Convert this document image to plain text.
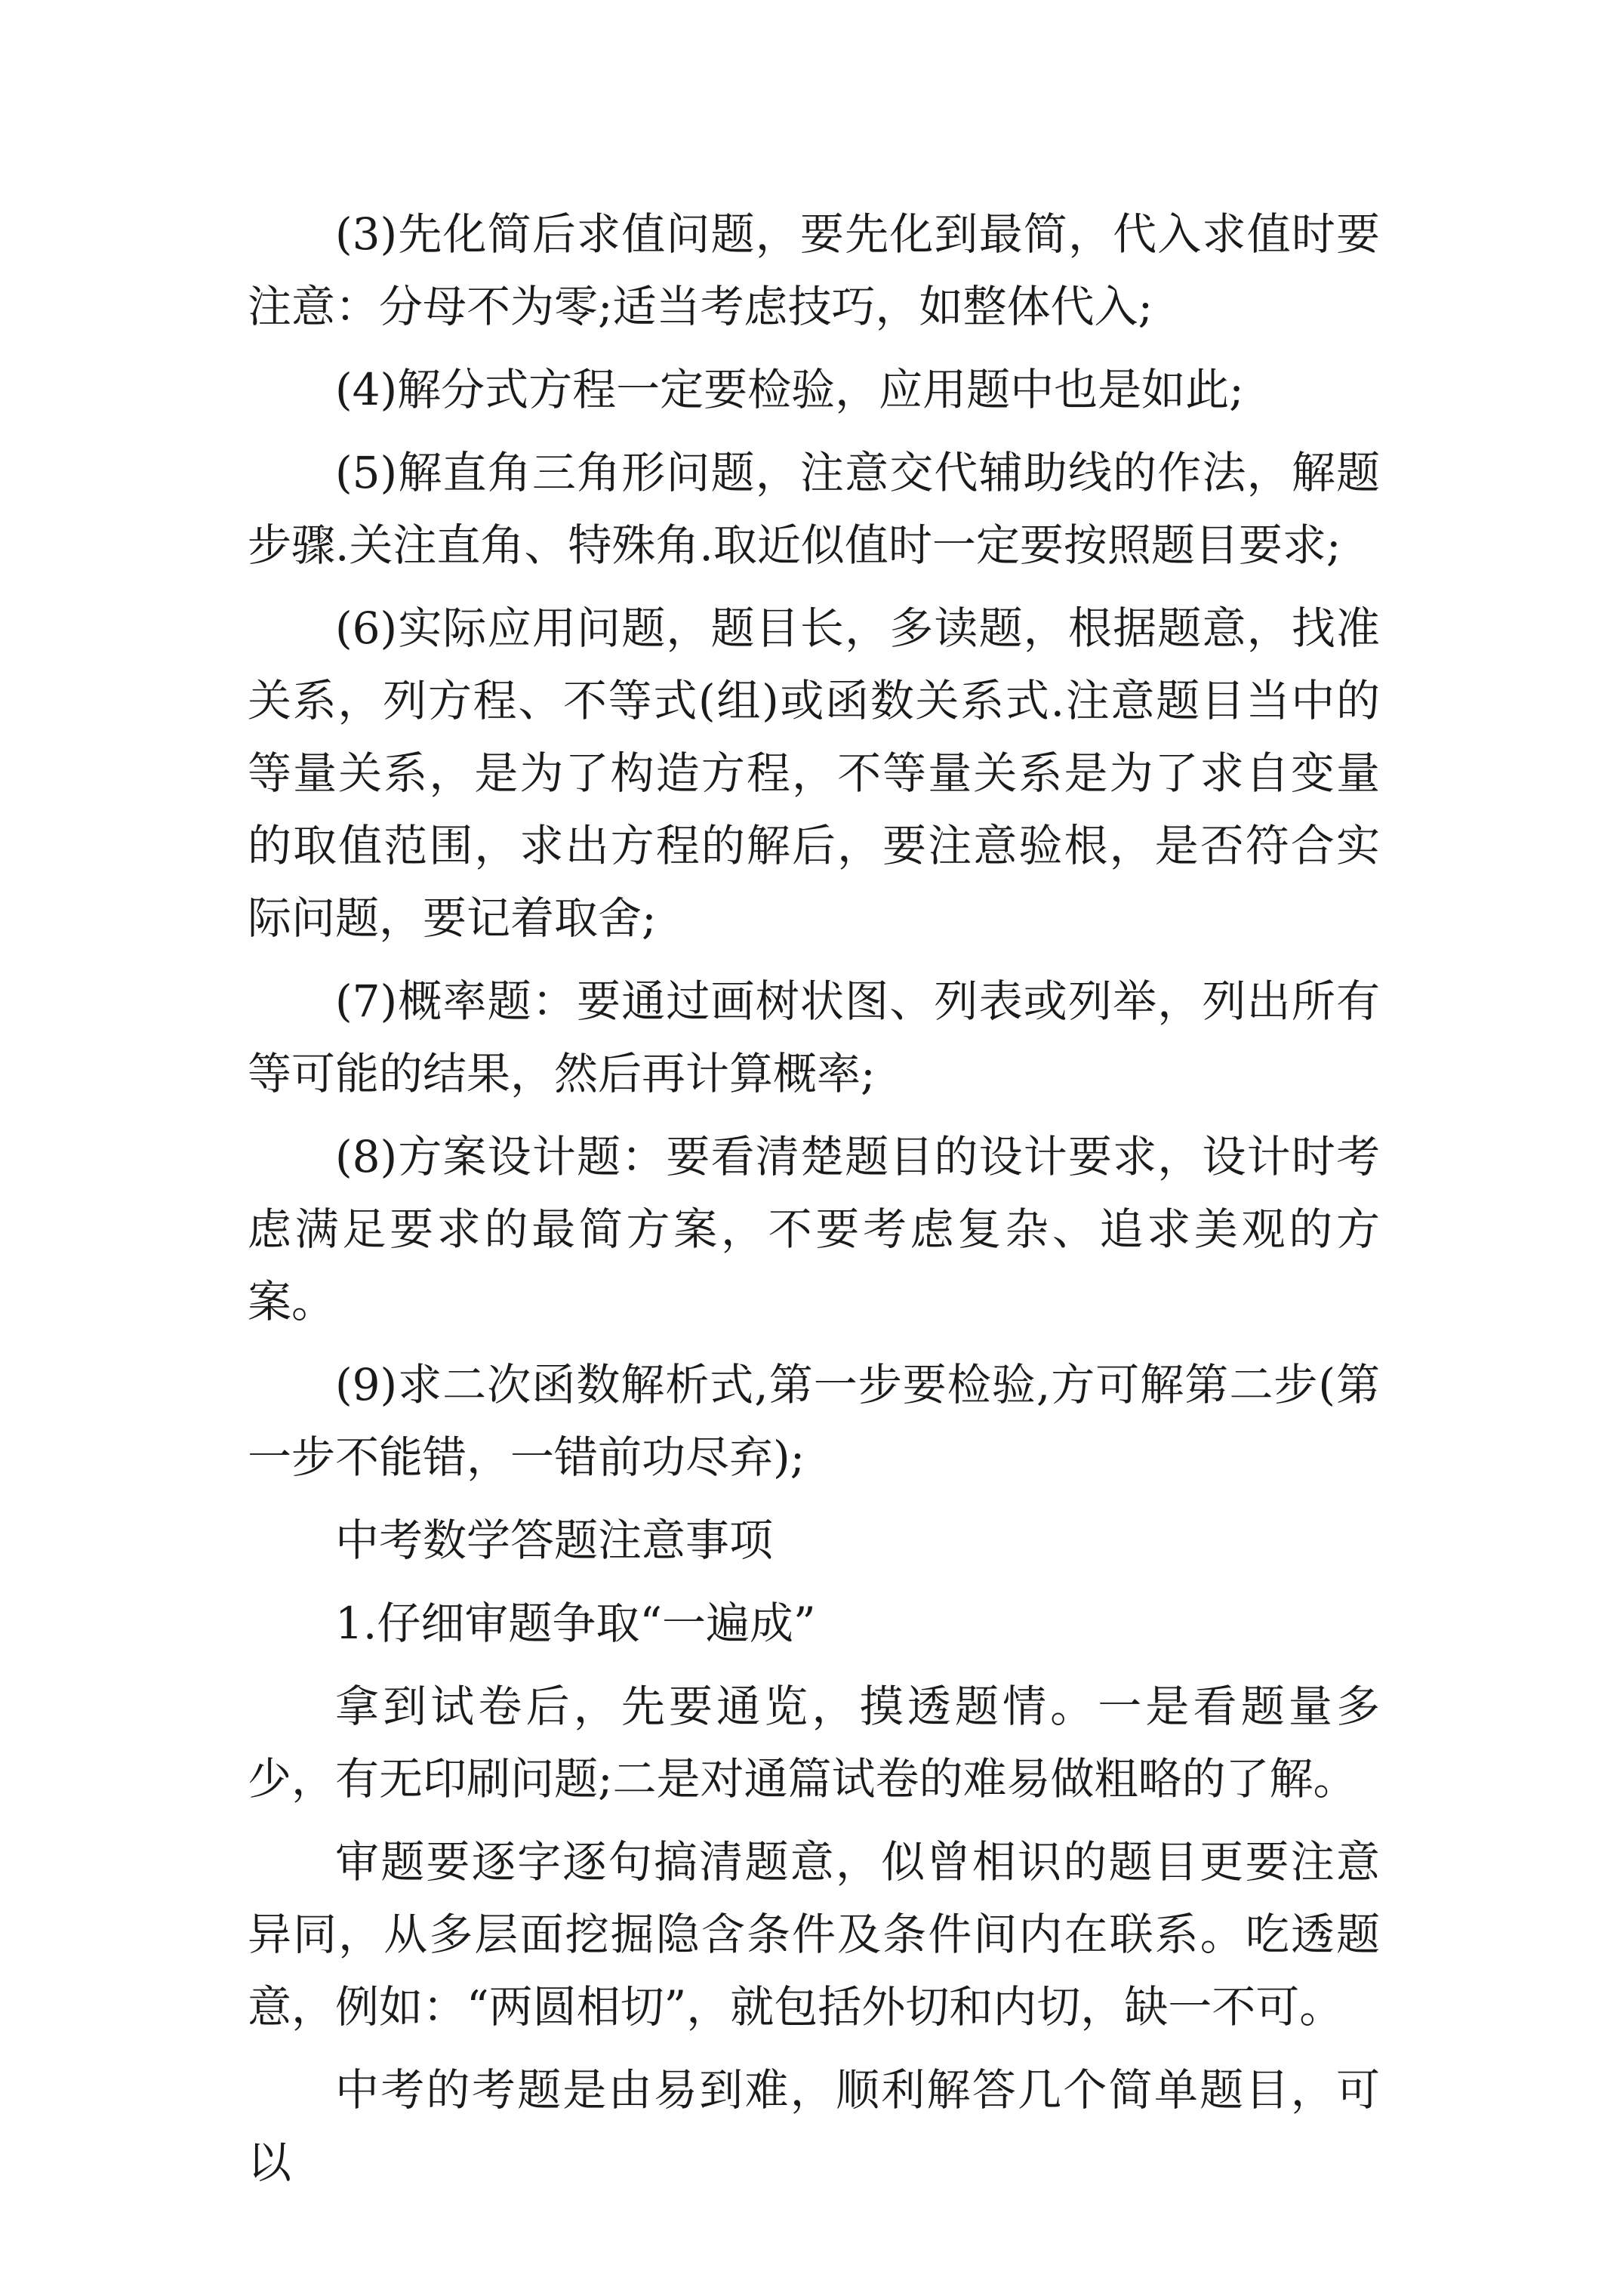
(3)先化简后求值问题，要先化到最简，代入求值时要注意：分母不为零;适当考虑技巧，如整体代入;

(4)解分式方程一定要检验，应用题中也是如此;

(5)解直角三角形问题，注意交代辅助线的作法，解题步骤.关注直角、特殊角.取近似值时一定要按照题目要求;

(6)实际应用问题，题目长，多读题，根据题意，找准关系，列方程、不等式(组)或函数关系式.注意题目当中的等量关系，是为了构造方程，不等量关系是为了求自变量的取值范围，求出方程的解后，要注意验根，是否符合实际问题，要记着取舍;

(7)概率题：要通过画树状图、列表或列举，列出所有等可能的结果，然后再计算概率;

(8)方案设计题：要看清楚题目的设计要求，设计时考虑满足要求的最简方案，不要考虑复杂、追求美观的方案。

(9)求二次函数解析式,第一步要检验,方可解第二步(第一步不能错，一错前功尽弃);

中考数学答题注意事项

1.仔细审题争取“一遍成”

拿到试卷后，先要通览，摸透题情。一是看题量多少，有无印刷问题;二是对通篇试卷的难易做粗略的了解。

审题要逐字逐句搞清题意，似曾相识的题目更要注意异同，从多层面挖掘隐含条件及条件间内在联系。吃透题意，例如：“两圆相切”，就包括外切和内切，缺一不可。

中考的考题是由易到难，顺利解答几个简单题目，可以
